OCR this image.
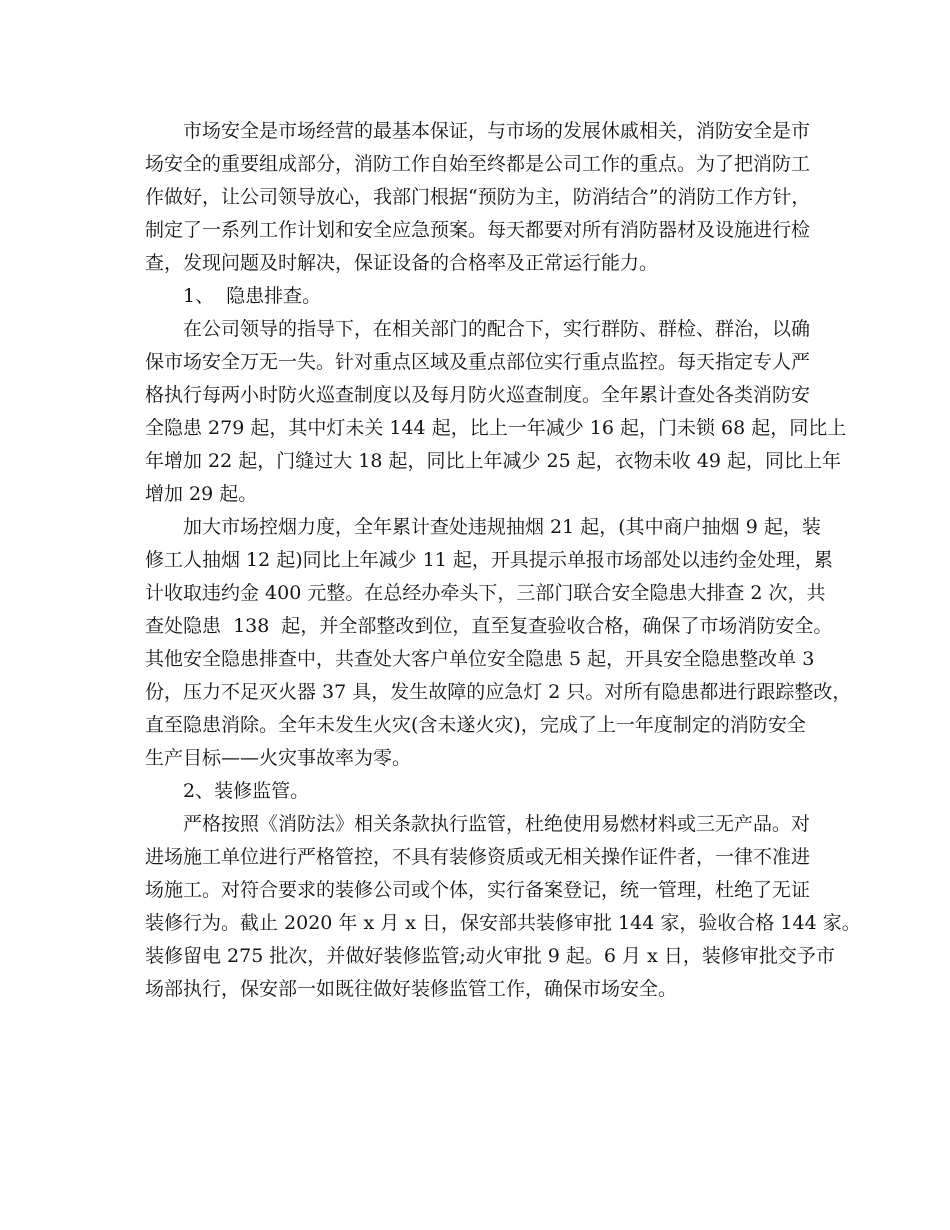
市场安全是市场经营的最基本保证，与市场的发展休戚相关，消防安全是市

场安全的重要组成部分，消防工作自始至终都是公司工作的重点。为了把消防工

作做好，让公司领导放心，我部门根据“预防为主，防消结合”的消防工作方针，

制定了一系列工作计划和安全应急预案。每天都要对所有消防器材及设施进行检

查，发现问题及时解决，保证设备的合格率及正常运行能力。

1、  隐患排查。

在公司领导的指导下，在相关部门的配合下，实行群防、群检、群治，以确

保市场安全万无一失。针对重点区域及重点部位实行重点监控。每天指定专人严

格执行每两小时防火巡查制度以及每月防火巡查制度。全年累计查处各类消防安

全隐患 279 起，其中灯未关 144 起，比上一年减少 16 起，门未锁 68 起，同比上

年增加 22 起，门缝过大 18 起，同比上年减少 25 起，衣物未收 49 起，同比上年

增加 29 起。

加大市场控烟力度，全年累计查处违规抽烟 21 起，(其中商户抽烟 9 起，装

修工人抽烟 12 起)同比上年减少 11 起，开具提示单报市场部处以违约金处理，累

计收取违约金 400 元整。在总经办牵头下，三部门联合安全隐患大排查 2 次，共

查处隐患  138  起，并全部整改到位，直至复查验收合格，确保了市场消防安全。

其他安全隐患排查中，共查处大客户单位安全隐患 5 起，开具安全隐患整改单 3

份，压力不足灭火器 37 具，发生故障的应急灯 2 只。对所有隐患都进行跟踪整改，

直至隐患消除。全年未发生火灾(含未遂火灾)，完成了上一年度制定的消防安全

生产目标——火灾事故率为零。

2、装修监管。

严格按照《消防法》相关条款执行监管，杜绝使用易燃材料或三无产品。对

进场施工单位进行严格管控，不具有装修资质或无相关操作证件者，一律不准进

场施工。对符合要求的装修公司或个体，实行备案登记，统一管理，杜绝了无证

装修行为。截止 2020 年 x 月 x 日，保安部共装修审批 144 家，验收合格 144 家。

装修留电 275 批次，并做好装修监管;动火审批 9 起。6 月 x 日，装修审批交予市

场部执行，保安部一如既往做好装修监管工作，确保市场安全。
